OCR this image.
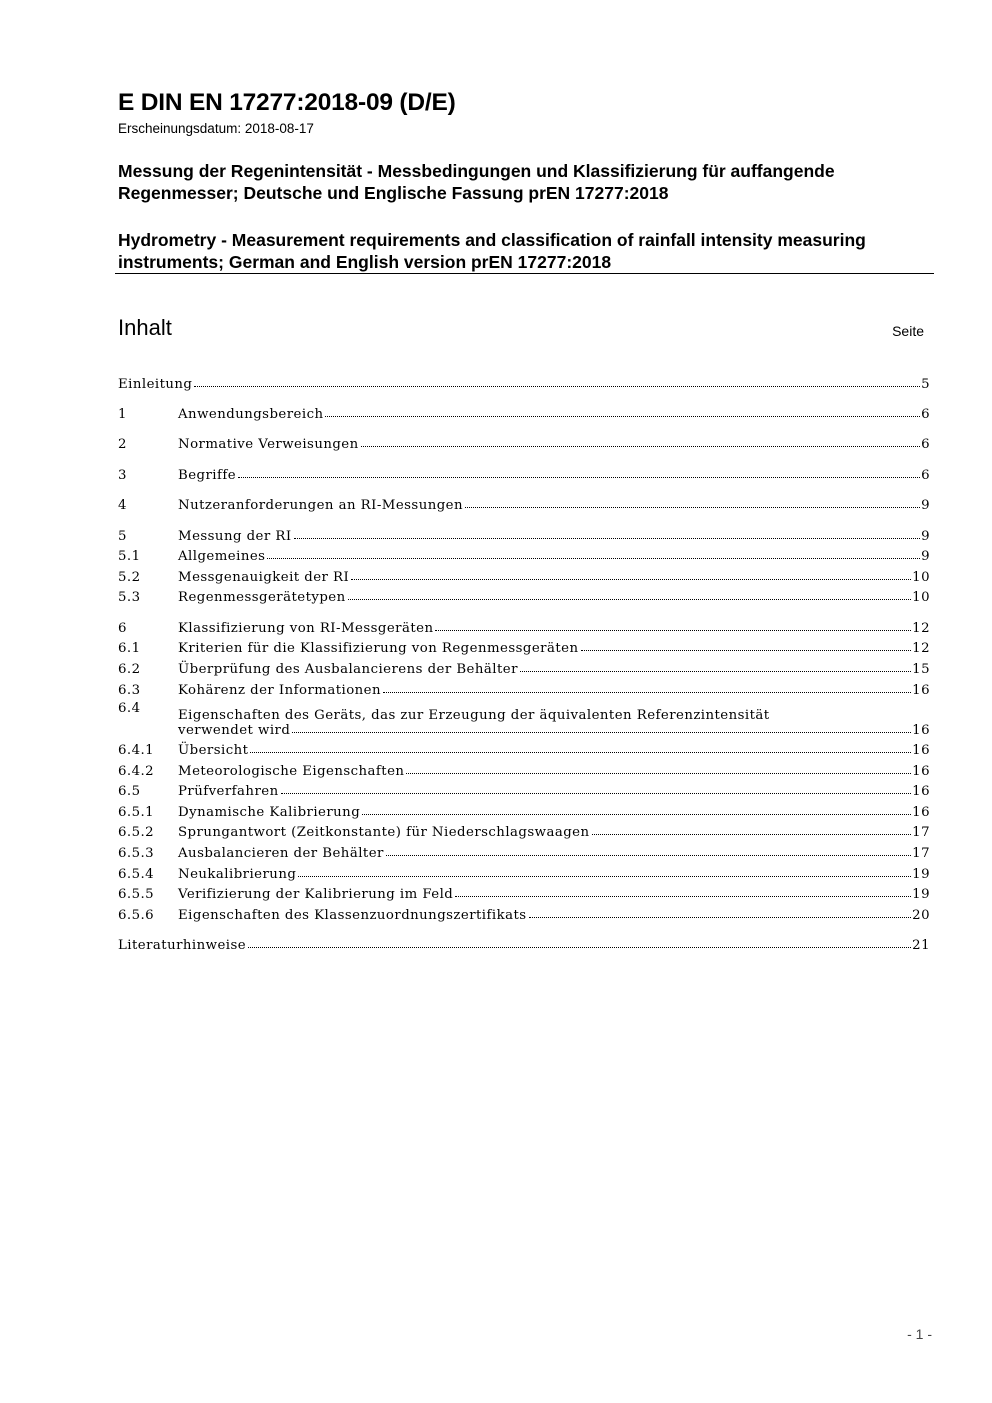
E DIN EN 17277:2018-09 (D/E)
Erscheinungsdatum: 2018-08-17
Messung der Regenintensität - Messbedingungen und Klassifizierung für auffangende Regenmesser; Deutsche und Englische Fassung prEN 17277:2018
Hydrometry - Measurement requirements and classification of rainfall intensity measuring instruments; German and English version prEN 17277:2018
Inhalt	Seite
Einleitung	5
1	Anwendungsbereich	6
2	Normative Verweisungen	6
3	Begriffe	6
4	Nutzeranforderungen an RI-Messungen	9
5	Messung der RI	9
5.1	Allgemeines	9
5.2	Messgenauigkeit der RI	10
5.3	Regenmessgerätetypen	10
6	Klassifizierung von RI-Messgeräten	12
6.1	Kriterien für die Klassifizierung von Regenmessgeräten	12
6.2	Überprüfung des Ausbalancierens der Behälter	15
6.3	Kohärenz der Informationen	16
6.4	Eigenschaften des Geräts, das zur Erzeugung der äquivalenten Referenzintensität
verwendet wird	16
6.4.1	Übersicht	16
6.4.2	Meteorologische Eigenschaften	16
6.5	Prüfverfahren	16
6.5.1	Dynamische Kalibrierung	16
6.5.2	Sprungantwort (Zeitkonstante) für Niederschlagswaagen	17
6.5.3	Ausbalancieren der Behälter	17
6.5.4	Neukalibrierung	19
6.5.5	Verifizierung der Kalibrierung im Feld	19
6.5.6	Eigenschaften des Klassenzuordnungszertifikats	20
Literaturhinweise	21
- 1 -
